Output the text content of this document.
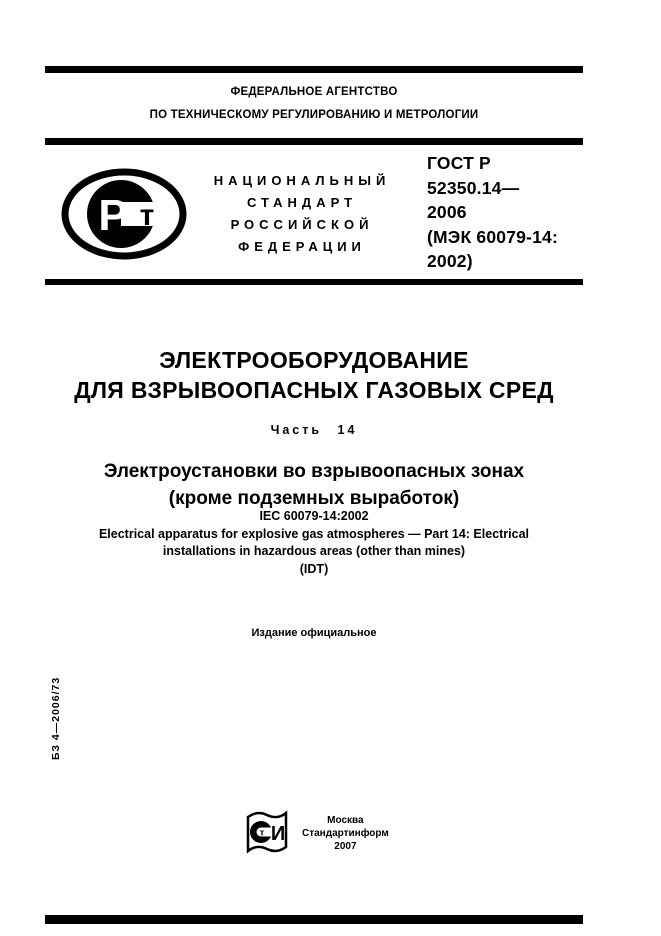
ФЕДЕРАЛЬНОЕ АГЕНТСТВО
ПО ТЕХНИЧЕСКОМУ РЕГУЛИРОВАНИЮ И МЕТРОЛОГИИ
Р т
НАЦИОНАЛЬНЫЙ
СТАНДАРТ
РОССИЙСКОЙ
ФЕДЕРАЦИИ
ГОСТ Р
52350.14—
2006
(МЭК 60079-14:
2002)
ЭЛЕКТРООБОРУДОВАНИЕ
ДЛЯ ВЗРЫВООПАСНЫХ ГАЗОВЫХ СРЕД
Часть 14
Электроустановки во взрывоопасных зонах
(кроме подземных выработок)
IEC 60079-14:2002
Electrical apparatus for explosive gas atmospheres — Part 14: Electrical
installations in hazardous areas (other than mines)
(IDT)
Издание официальное
БЗ 4—2006/73
т И
Москва
Стандартинформ
2007
